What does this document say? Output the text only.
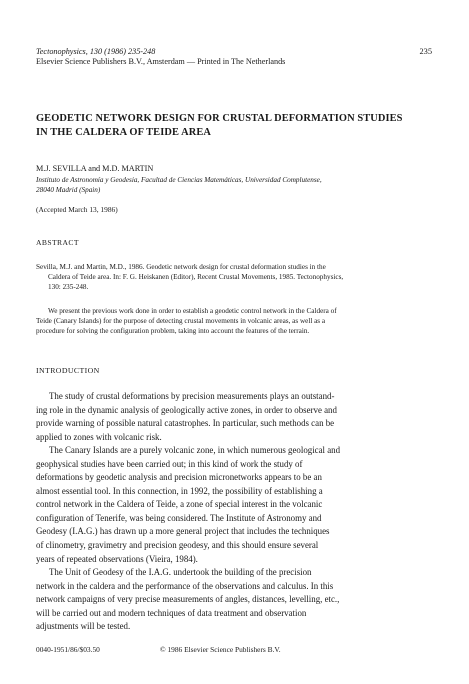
Tectonophysics, 130 (1986) 235-248
Elsevier Science Publishers B.V., Amsterdam — Printed in The Netherlands
235
GEODETIC NETWORK DESIGN FOR CRUSTAL DEFORMATION STUDIES
IN THE CALDERA OF TEIDE AREA
M.J. SEVILLA and M.D. MARTIN
Instituto de Astronomía y Geodesia, Facultad de Ciencias Matemáticas, Universidad Complutense,
28040 Madrid (Spain)
(Accepted March 13, 1986)
ABSTRACT
Sevilla, M.J. and Martin, M.D., 1986. Geodetic network design for crustal deformation studies in the
Caldera of Teide area. In: F. G. Heiskanen (Editor), Recent Crustal Movements, 1985. Tectonophysics,
130: 235-248.
We present the previous work done in order to establish a geodetic control network in the Caldera of
Teide (Canary Islands) for the purpose of detecting crustal movements in volcanic areas, as well as a
procedure for solving the configuration problem, taking into account the features of the terrain.
INTRODUCTION
The study of crustal deformations by precision measurements plays an outstand-
ing role in the dynamic analysis of geologically active zones, in order to observe and
provide warning of possible natural catastrophes. In particular, such methods can be
applied to zones with volcanic risk.
The Canary Islands are a purely volcanic zone, in which numerous geological and
geophysical studies have been carried out; in this kind of work the study of
deformations by geodetic analysis and precision micronetworks appears to be an
almost essential tool. In this connection, in 1992, the possibility of establishing a
control network in the Caldera of Teide, a zone of special interest in the volcanic
configuration of Tenerife, was being considered. The Institute of Astronomy and
Geodesy (I.A.G.) has drawn up a more general project that includes the techniques
of clinometry, gravimetry and precision geodesy, and this should ensure several
years of repeated observations (Vieira, 1984).
The Unit of Geodesy of the I.A.G. undertook the building of the precision
network in the caldera and the performance of the observations and calculus. In this
network campaigns of very precise measurements of angles, distances, levelling, etc.,
will be carried out and modern techniques of data treatment and observation
adjustments will be tested.
0040-1951/86/$03.50	© 1986 Elsevier Science Publishers B.V.
